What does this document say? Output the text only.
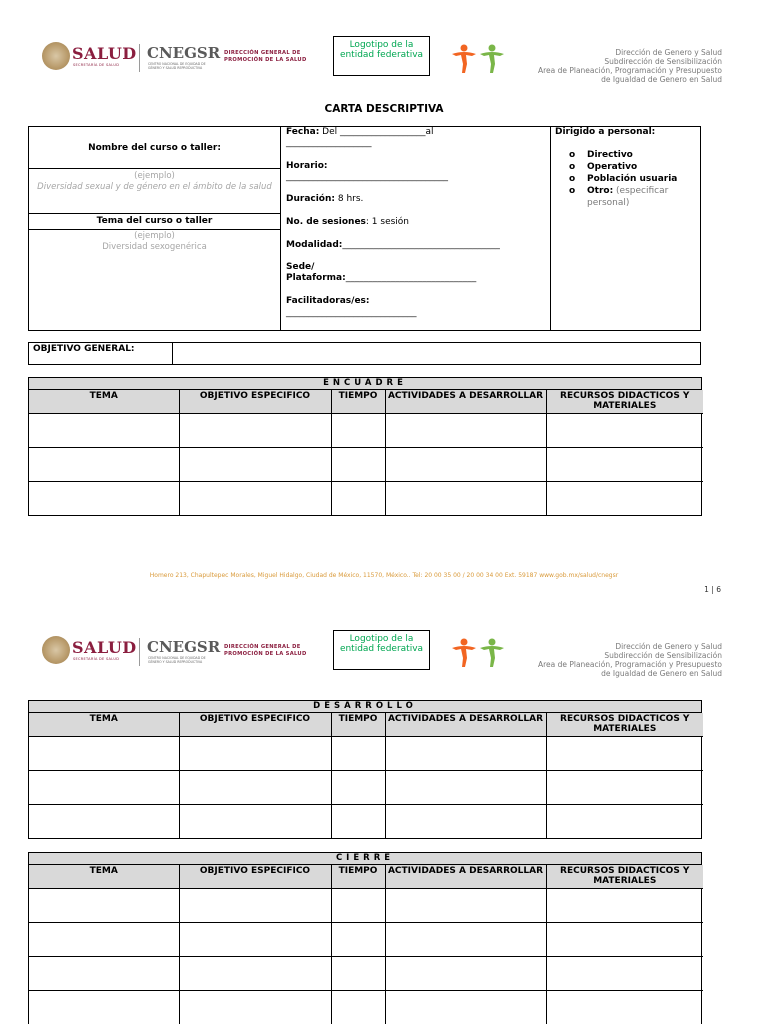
SALUD
SECRETARÍA DE SALUD
CNEGSR
CENTRO NACIONAL DE EQUIDAD DE GÉNERO Y SALUD REPRODUCTIVA
DIRECCIÓN GENERAL DE
PROMOCIÓN DE LA SALUD
Logotipo de la
entidad federativa	Dirección de Genero y Salud
Subdirección de Sensibilización
Area de Planeación, Programación y Presupuesto
de Igualdad de Genero en Salud
CARTA DESCRIPTIVA
Nombre del curso o taller:
(ejemplo)
Diversidad sexual y de género en el ámbito de la salud
Tema del curso o taller
(ejemplo)
Diversidad sexogenérica
Fecha: Del ___________________al
___________________
Horario:
____________________________________
Duración: 8 hrs.
No. de sesiones: 1 sesión
Modalidad:___________________________________
Sede/
Plataforma:_____________________________
Facilitadoras/es:
_____________________________
Dirigido a personal:
o Directivo
o Operativo
o Población usuaria
o Otro: (especificar personal)
OBJETIVO GENERAL:
ENCUADRE
TEMA	OBJETIVO ESPECIFICO	TIEMPO	ACTIVIDADES A DESARROLLAR	RECURSOS DIDACTICOS Y MATERIALES

Homero 213, Chapultepec Morales, Miguel Hidalgo, Ciudad de México, 11570, México.. Tel: 20 00 35 00 / 20 00 34 00 Ext. 59187 www.gob.mx/salud/cnegsr
1 | 6
SALUD
SECRETARÍA DE SALUD
CNEGSR
CENTRO NACIONAL DE EQUIDAD DE GÉNERO Y SALUD REPRODUCTIVA
DIRECCIÓN GENERAL DE
PROMOCIÓN DE LA SALUD
Logotipo de la
entidad federativa	Dirección de Genero y Salud
Subdirección de Sensibilización
Area de Planeación, Programación y Presupuesto
de Igualdad de Genero en Salud
DESARROLLO
TEMA	OBJETIVO ESPECIFICO	TIEMPO	ACTIVIDADES A DESARROLLAR	RECURSOS DIDACTICOS Y MATERIALES

CIERRE
TEMA	OBJETIVO ESPECIFICO	TIEMPO	ACTIVIDADES A DESARROLLAR	RECURSOS DIDACTICOS Y MATERIALES
